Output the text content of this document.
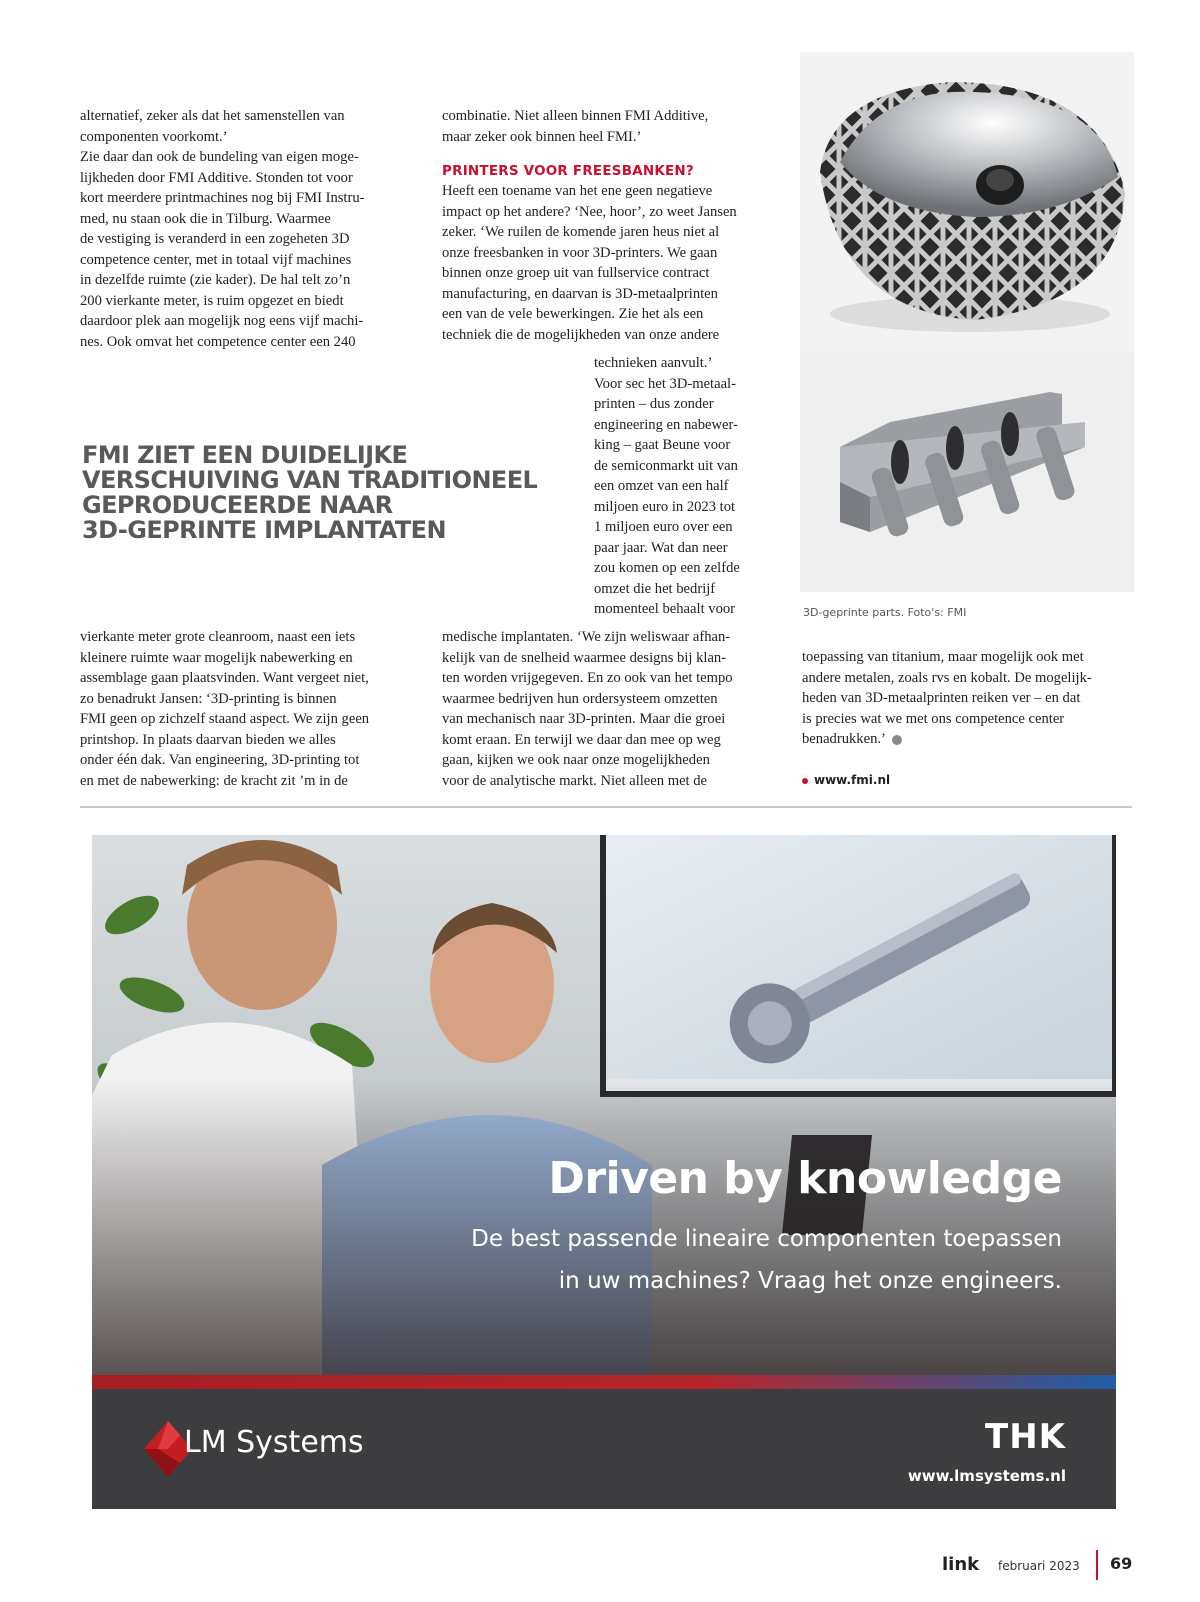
alternatief, zeker als dat het samenstellen van

componenten voorkomt.’

Zie daar dan ook de bundeling van eigen moge-

lijkheden door FMI Additive. Stonden tot voor

kort meerdere printmachines nog bij FMI Instru-

med, nu staan ook die in Tilburg. Waarmee

de vestiging is veranderd in een zogeheten 3D

competence center, met in totaal vijf machines

in dezelfde ruimte (zie kader). De hal telt zo’n

200 vierkante meter, is ruim opgezet en biedt

daardoor plek aan mogelijk nog eens vijf machi-

nes. Ook omvat het competence center een 240

combinatie. Niet alleen binnen FMI Additive,

maar zeker ook binnen heel FMI.’

PRINTERS VOOR FREESBANKEN?

Heeft een toename van het ene geen negatieve

impact op het andere? ‘Nee, hoor’, zo weet Jansen

zeker. ‘We ruilen de komende jaren heus niet al

onze freesbanken in voor 3D-printers. We gaan

binnen onze groep uit van fullservice contract

manufacturing, en daarvan is 3D-metaalprinten

een van de vele bewerkingen. Zie het als een

techniek die de mogelijkheden van onze andere

technieken aanvult.’

Voor sec het 3D-metaal-

printen – dus zonder

engineering en nabewer-

king – gaat Beune voor

de semiconmarkt uit van

een omzet van een half

miljoen euro in 2023 tot

1 miljoen euro over een

paar jaar. Wat dan neer

zou komen op een zelfde

omzet die het bedrijf

momenteel behaalt voor

FMI ZIET EEN DUIDELIJKE

VERSCHUIVING VAN TRADITIONEEL

GEPRODUCEERDE NAAR

3D-GEPRINTE IMPLANTATEN

3D-geprinte parts. Foto's: FMI

vierkante meter grote cleanroom, naast een iets

kleinere ruimte waar mogelijk nabewerking en

assemblage gaan plaatsvinden. Want vergeet niet,

zo benadrukt Jansen: ‘3D-printing is binnen

FMI geen op zichzelf staand aspect. We zijn geen

printshop. In plaats daarvan bieden we alles

onder één dak. Van engineering, 3D-printing tot

en met de nabewerking: de kracht zit ’m in de

medische implantaten. ‘We zijn weliswaar afhan-

kelijk van de snelheid waarmee designs bij klan-

ten worden vrijgegeven. En zo ook van het tempo

waarmee bedrijven hun ordersysteem omzetten

van mechanisch naar 3D-printen. Maar die groei

komt eraan. En terwijl we daar dan mee op weg

gaan, kijken we ook naar onze mogelijkheden

voor de analytische markt. Niet alleen met de

toepassing van titanium, maar mogelijk ook met

andere metalen, zoals rvs en kobalt. De mogelijk-

heden van 3D-metaalprinten reiken ver – en dat

is precies wat we met ons competence center

benadrukken.’

www.fmi.nl
Driven by knowledge
De best passende lineaire componenten toepassen
in uw machines? Vraag het onze engineers.
LM Systems	THK
www.lmsystems.nl
link februari 2023 69
